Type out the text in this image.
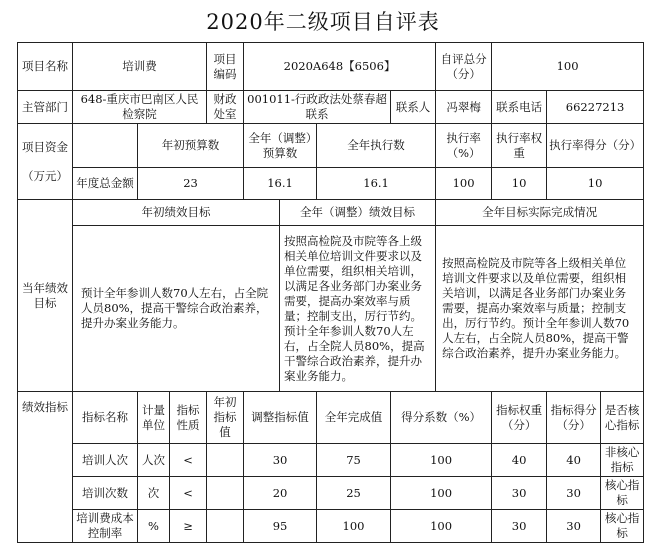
2020年二级项目自评表
项目名称	培训费			项目编码	2020A648【6506】				自评总分（分）	100		
主管部门	648-重庆市巴南区人民检察院			财政处室	001011-行政政法处蔡春超联系			联系人	冯翠梅	联系电话	66227213	

项目资金
（万元）		年初预算数			全年（调整）预算数		全年执行数		执行率（%）	执行率权重	执行率得分（分）	
	年度总金额	23			16.1		16.1		100	10	10	
当年绩效目标	年初绩效目标					全年（调整）绩效目标			全年目标实际完成情况			
	预计全年参训人数70人左右，占全院人员80%，提高干警综合政治素养，提升办案业务能力。					按照高检院及市院等各上级相关单位培训文件要求以及单位需要，组织相关培训，以满足各业务部门办案业务需要，提高办案效率与质量；控制支出，厉行节约。预计全年参训人数70人左右，占全院人员80%，提高干警综合政治素养，提升办案业务能力。			按照高检院及市院等各上级相关单位培训文件要求以及单位需要，组织相关培训，以满足各业务部门办案业务需要，提高办案效率与质量；控制支出，厉行节约。预计全年参训人数70人左右，占全院人员80%，提高干警综合政治素养，提升办案业务能力。			
绩效指标	指标名称	计量单位	指标性质	年初指标值	调整指标值		全年完成值	得分系数（%）		指标权重（分）	指标得分（分）	是否核心指标
	培训人次	人次	<		30		75	100		40	40	非核心指标
	培训次数	次	<		20		25	100		30	30	核心指标
	培训费成本控制率	%	≥		95		100	100		30	30	核心指标
